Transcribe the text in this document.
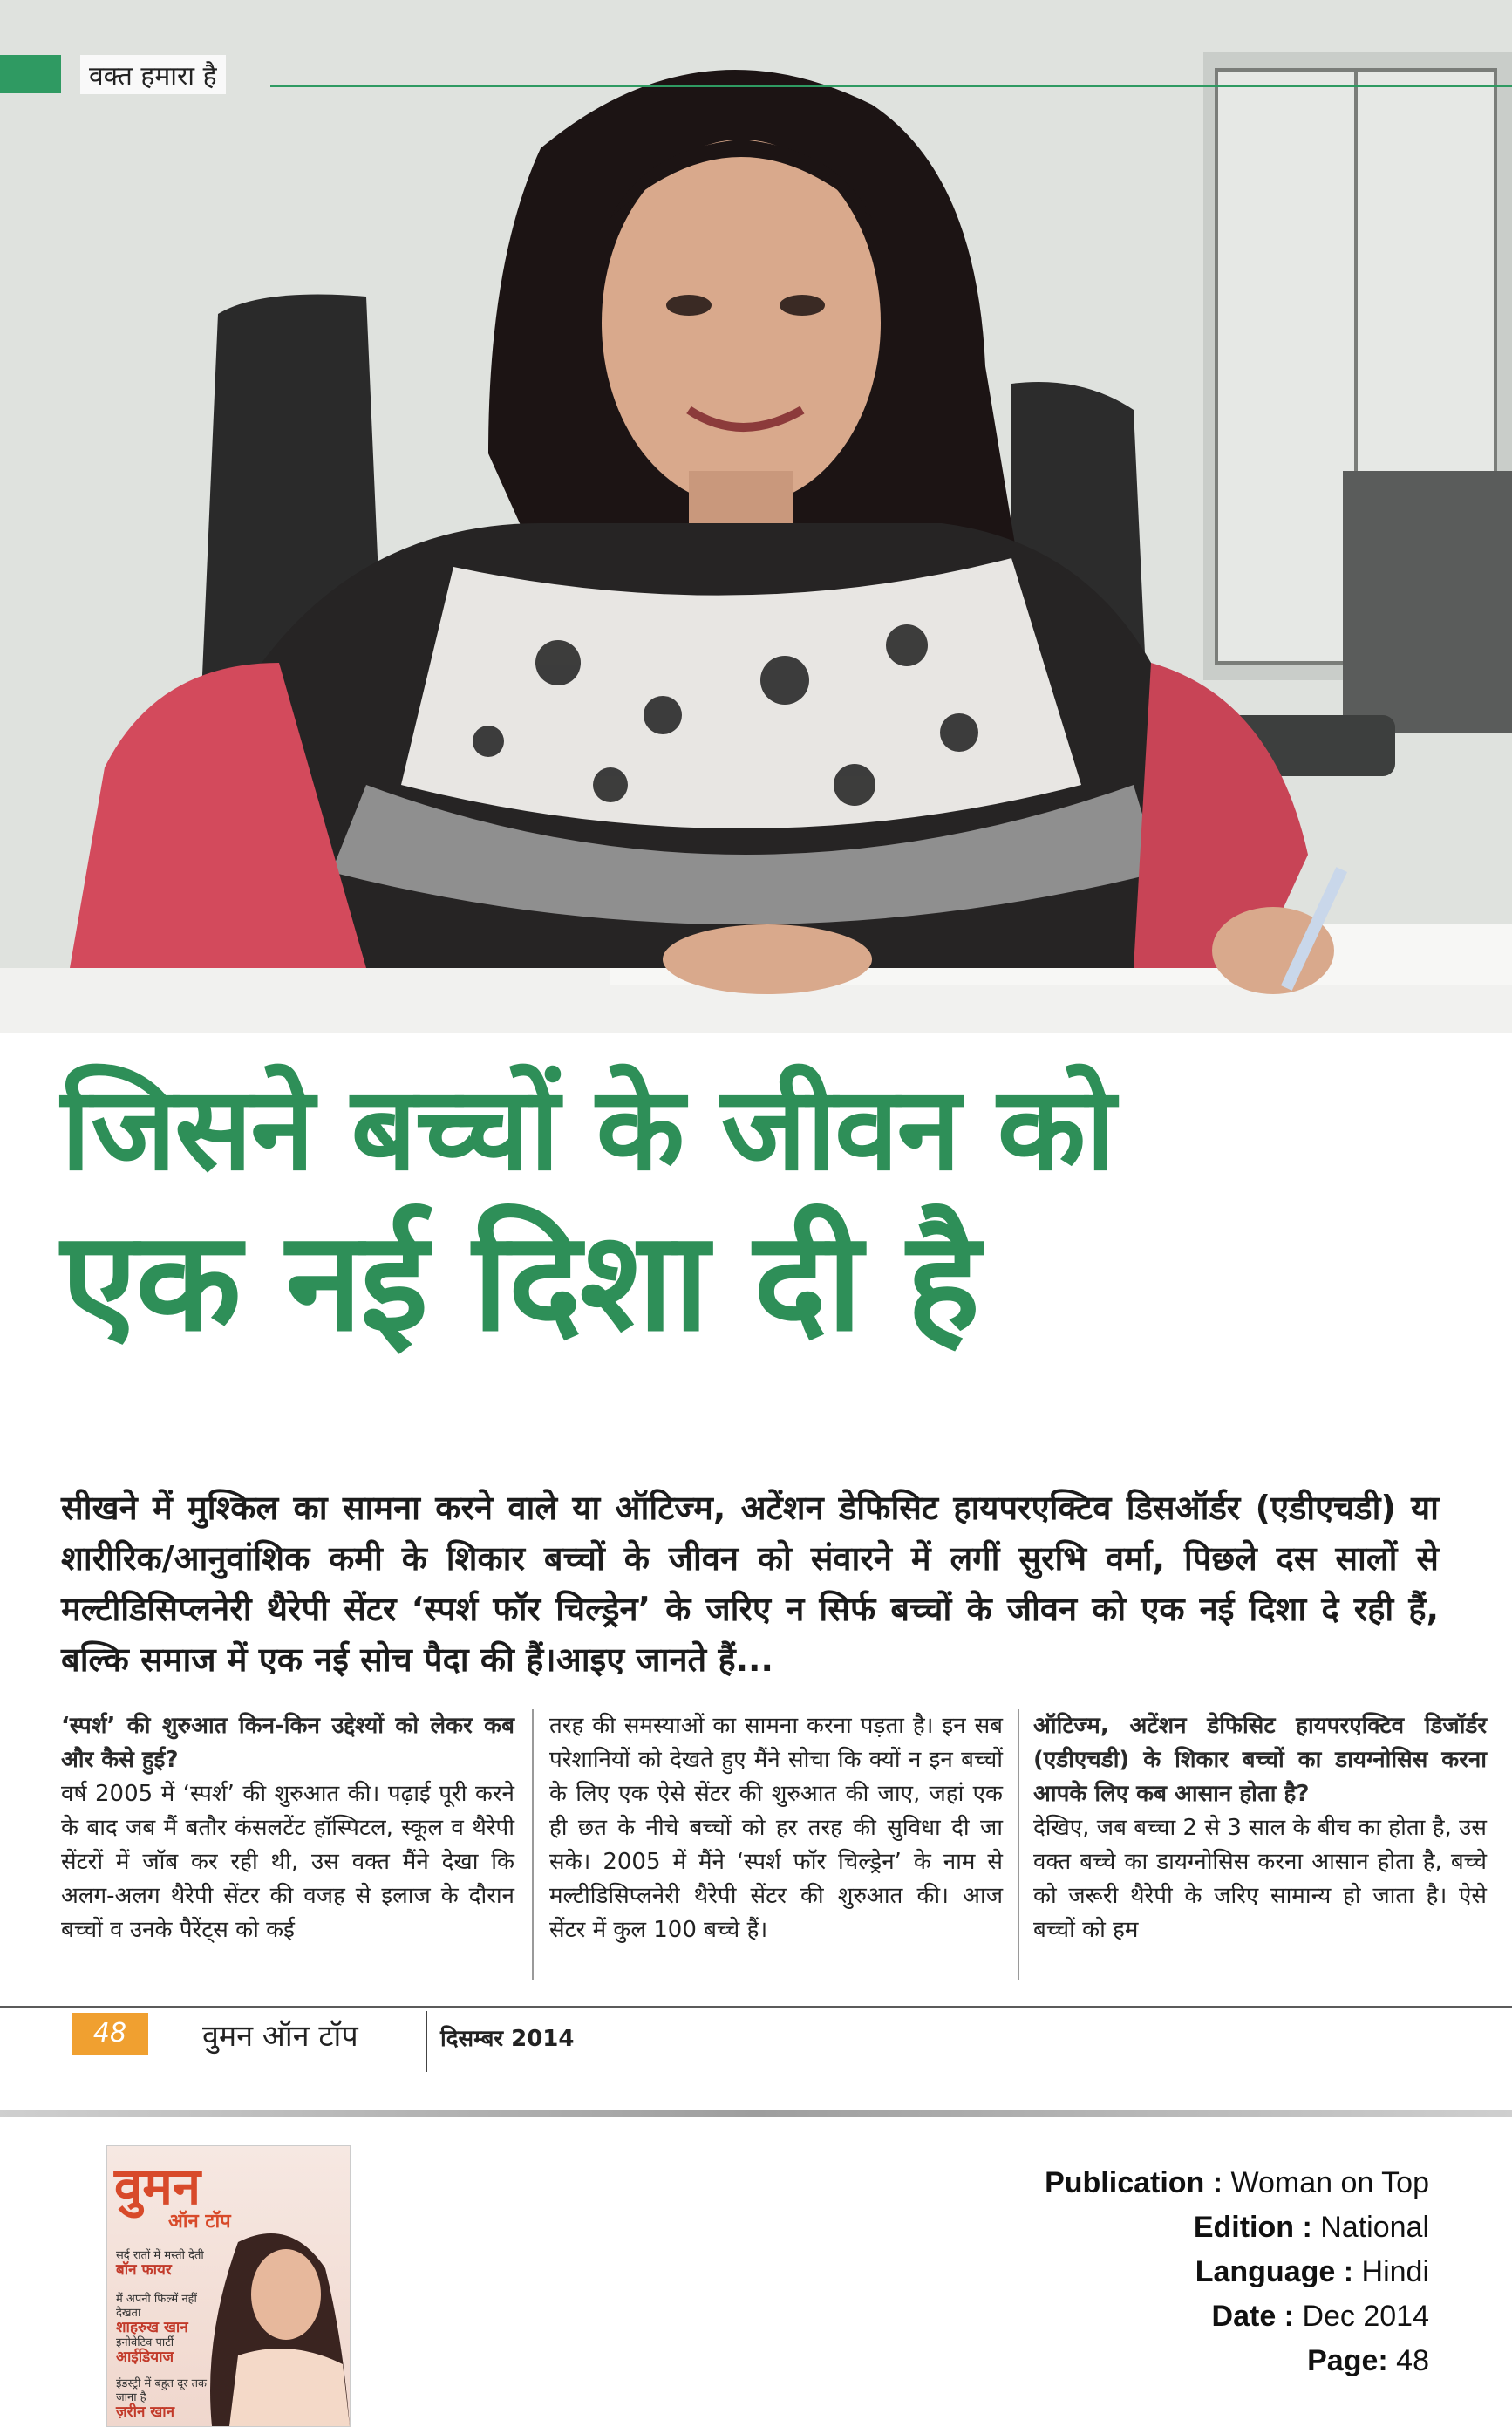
वक्त हमारा है
जिसने बच्चों के जीवन को
एक नई दिशा दी है
सीखने में मुश्किल का सामना करने वाले या ऑटिज्म, अटेंशन डेफिसिट हायपरएक्टिव डिसऑर्डर (एडीएचडी) या शारीरिक/आनुवांशिक कमी के शिकार बच्चों के जीवन को संवारने में लगीं सुरभि वर्मा, पिछले दस सालों से मल्टीडिसिप्लनेरी थैरेपी सेंटर ‘स्पर्श फॉर चिल्ड्रेन’ के जरिए न सिर्फ बच्चों के जीवन को एक नई दिशा दे रही हैं, बल्कि समाज में एक नई सोच पैदा की हैं।आइए जानते हैं...
‘स्पर्श’ की शुरुआत किन-किन उद्देश्यों को लेकर कब और कैसे हुई?
वर्ष 2005 में ‘स्पर्श’ की शुरुआत की। पढ़ाई पूरी करने के बाद जब मैं बतौर कंसलटेंट हॉस्पिटल, स्कूल व थैरेपी सेंटरों में जॉब कर रही थी, उस वक्त मैंने देखा कि अलग-अलग थैरेपी सेंटर की वजह से इलाज के दौरान बच्चों व उनके पैरेंट्स को कई
तरह की समस्याओं का सामना करना पड़ता है। इन सब परेशानियों को देखते हुए मैंने सोचा कि क्यों न इन बच्चों के लिए एक ऐसे सेंटर की शुरुआत की जाए, जहां एक ही छत के नीचे बच्चों को हर तरह की सुविधा दी जा सके। 2005 में मैंने ‘स्पर्श फॉर चिल्ड्रेन’ के नाम से मल्टीडिसिप्लनेरी थैरेपी सेंटर की शुरुआत की। आज सेंटर में कुल 100 बच्चे हैं।
ऑटिज्म, अटेंशन डेफिसिट हायपरएक्टिव डिजॉर्डर (एडीएचडी) के शिकार बच्चों का डायग्नोसिस करना आपके लिए कब आसान होता है?
देखिए, जब बच्चा 2 से 3 साल के बीच का होता है, उस वक्त बच्चे का डायग्नोसिस करना आसान होता है, बच्चे को जरूरी थैरेपी के जरिए सामान्य हो जाता है। ऐसे बच्चों को हम
48	वुमन ऑन टॉप	दिसम्बर 2014
वुमन
ऑन टॉप
सर्द रातों में मस्ती देती
बॉन फायर
मैं अपनी फिल्में नहीं देखता
शाहरुख खान
इनोवेटिव पार्टी
आईडियाज
इंडस्ट्री में बहुत दूर तक जाना है
ज़रीन खान
Publication : Woman on Top
Edition : National
Language : Hindi
Date : Dec 2014
Page: 48
